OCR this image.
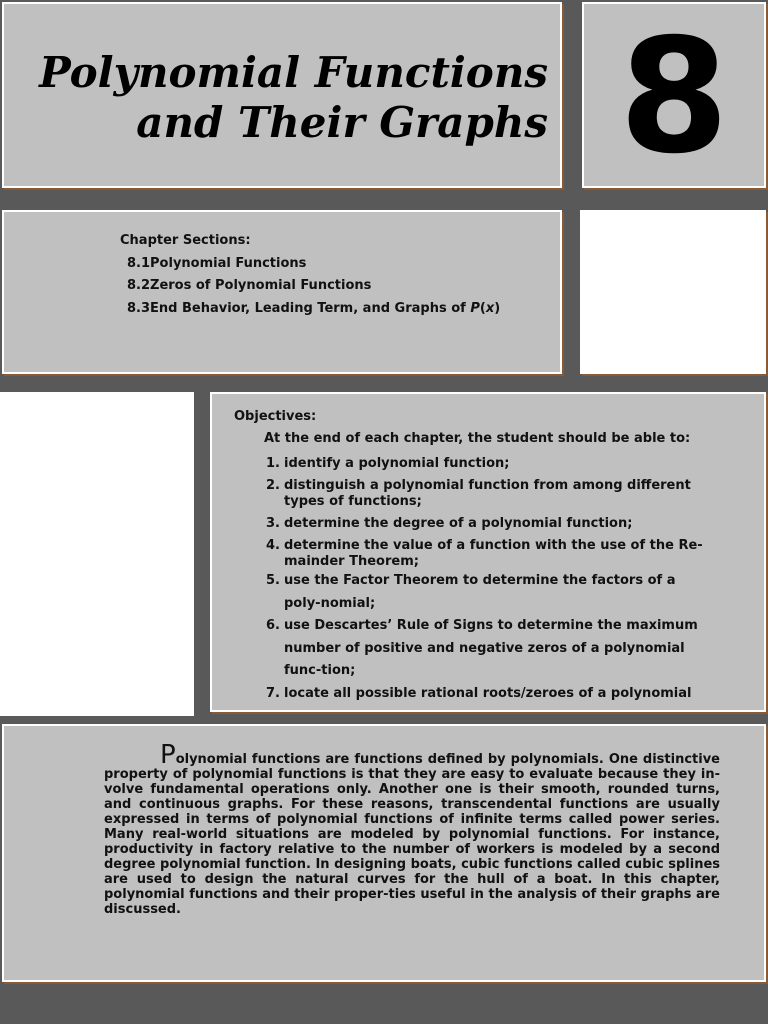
Polynomial Functions
and Their Graphs 8
Chapter Sections:
8.1Polynomial Functions
8.2Zeros of Polynomial Functions
8.3End Behavior, Leading Term, and Graphs of P(x)
Objectives:
At the end of each chapter, the student should be able to:
1. identify a polynomial function;
2. distinguish a polynomial function from among different types of functions;
3. determine the degree of a polynomial function;
4. determine the value of a function with the use of the Re-mainder Theorem;
5. use the Factor Theorem to determine the factors of a poly-nomial;
6. use Descartes’ Rule of Signs to determine the maximum number of positive and negative zeros of a polynomial func-tion;
7. locate all possible rational roots/zeroes of a polynomial
Polynomial functions are functions defined by polynomials. One distinctive property of polynomial functions is that they are easy to evaluate because they in-volve fundamental operations only. Another one is their smooth, rounded turns, and continuous graphs. For these reasons, transcendental functions are usually expressed in terms of polynomial functions of infinite terms called power series. Many real-world situations are modeled by polynomial functions. For instance, productivity in factory relative to the number of workers is modeled by a second degree polynomial function. In designing boats, cubic functions called cubic splines are used to design the natural curves for the hull of a boat. In this chapter, polynomial functions and their proper-ties useful in the analysis of their graphs are discussed.
